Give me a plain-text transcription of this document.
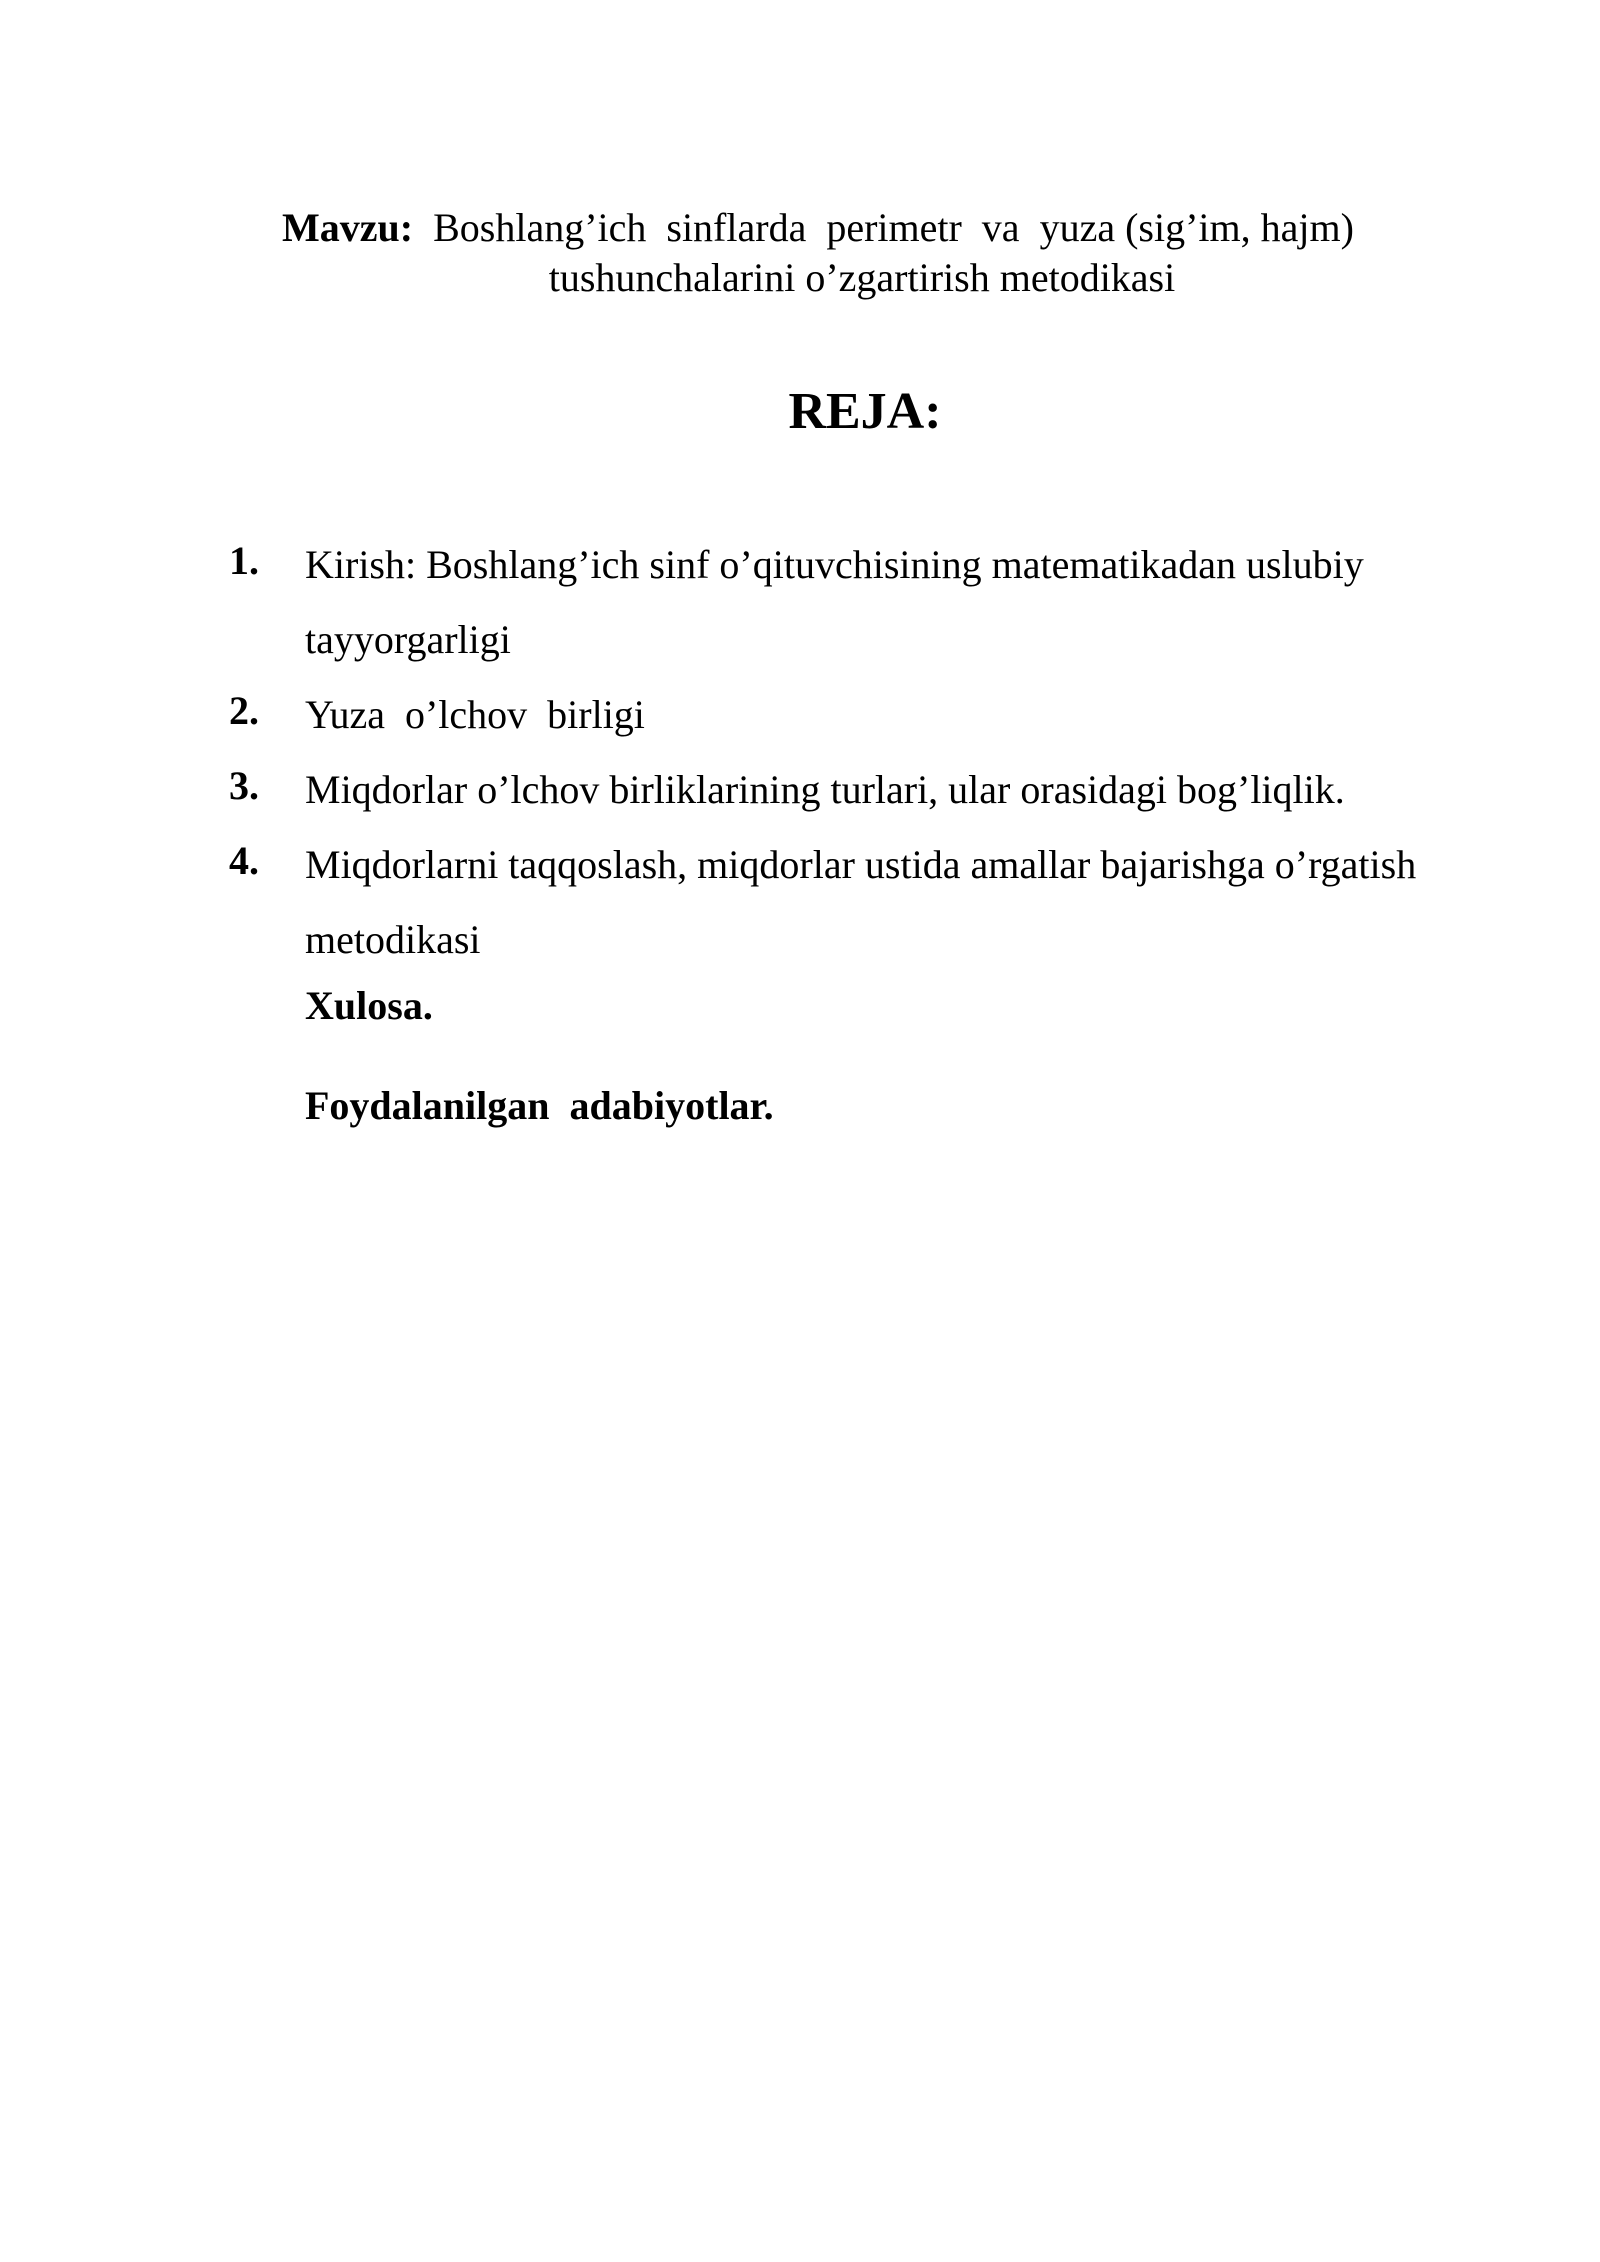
Mavzu:  Boshlang’ich  sinflarda  perimetr  va  yuza (sig’im, hajm)

tushunchalarini o’zgartirish metodikasi
REJA:
1. Kirish: Boshlang’ich sinf o’qituvchisining matematikadan uslubiy
tayyorgarligi
2. Yuza  o’lchov  birligi
3. Miqdorlar o’lchov birliklarining turlari, ular orasidagi bog’liqlik.
4. Miqdorlarni taqqoslash, miqdorlar ustida amallar bajarishga o’rgatish
metodikasi
Xulosa.
Foydalanilgan  adabiyotlar.
